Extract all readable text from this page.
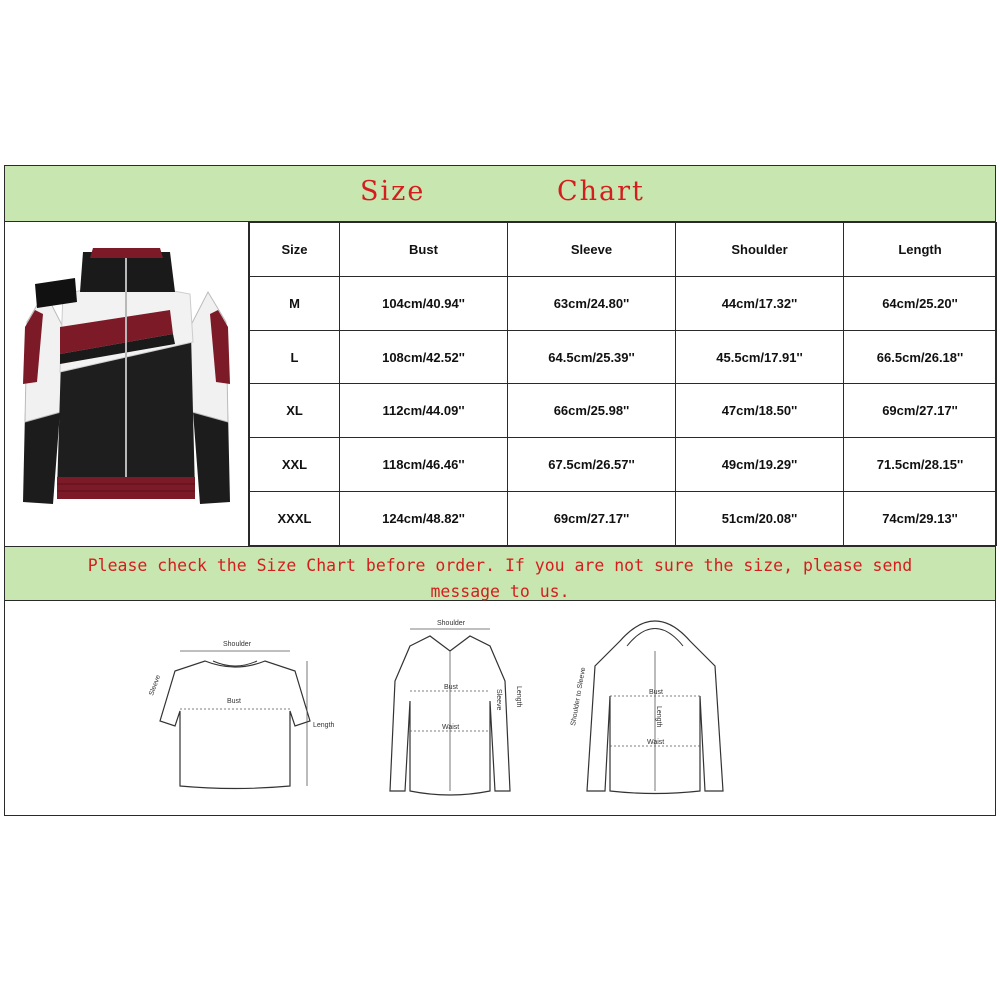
Size	Chart
Size	Bust	Sleeve	Shoulder	Length
M	104cm/40.94''	63cm/24.80''	44cm/17.32''	64cm/25.20''
L	108cm/42.52''	64.5cm/25.39''	45.5cm/17.91''	66.5cm/26.18''
XL	112cm/44.09''	66cm/25.98''	47cm/18.50''	69cm/27.17''
XXL	118cm/46.46''	67.5cm/26.57''	49cm/19.29''	71.5cm/28.15''
XXXL	124cm/48.82''	69cm/27.17''	51cm/20.08''	74cm/29.13''
Please check the Size Chart before order. If you are not sure the size, please send
message to us.
Shoulder
Bust
Length
Sleeve
Shoulder
Bust
Waist
Sleeve Length	Bust
Waist
Length
Shoulder to Sleeve
